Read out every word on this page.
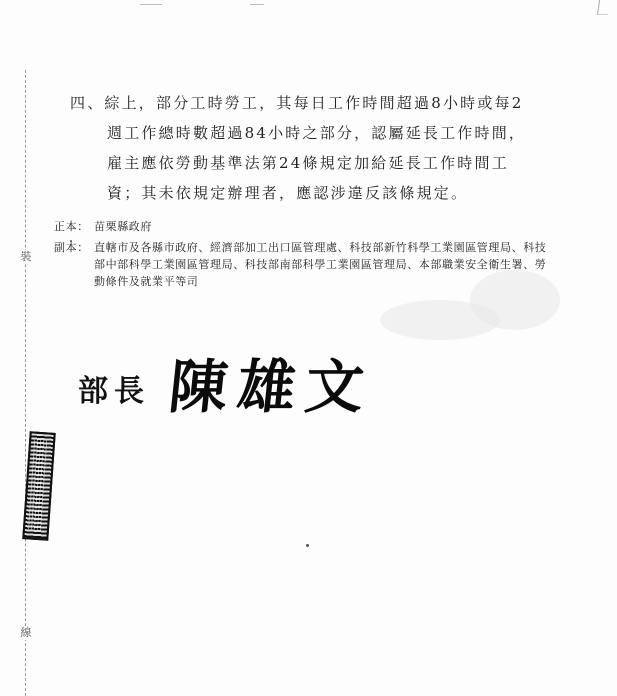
裝
線
四、綜上，部分工時勞工，其每日工作時間超過8小時或每2
週工作總時數超過84小時之部分，認屬延長工作時間，
雇主應依勞動基準法第24條規定加給延長工作時間工
資；其未依規定辦理者，應認涉違反該條規定。
正本： 苗栗縣政府
副本： 直轄市及各縣市政府、經濟部加工出口區管理處、科技部新竹科學工業園區管理局、科技部中部科學工業園區管理局、科技部南部科學工業園區管理局、本部職業安全衛生署、勞動條件及就業平等司
部長 陳雄文
